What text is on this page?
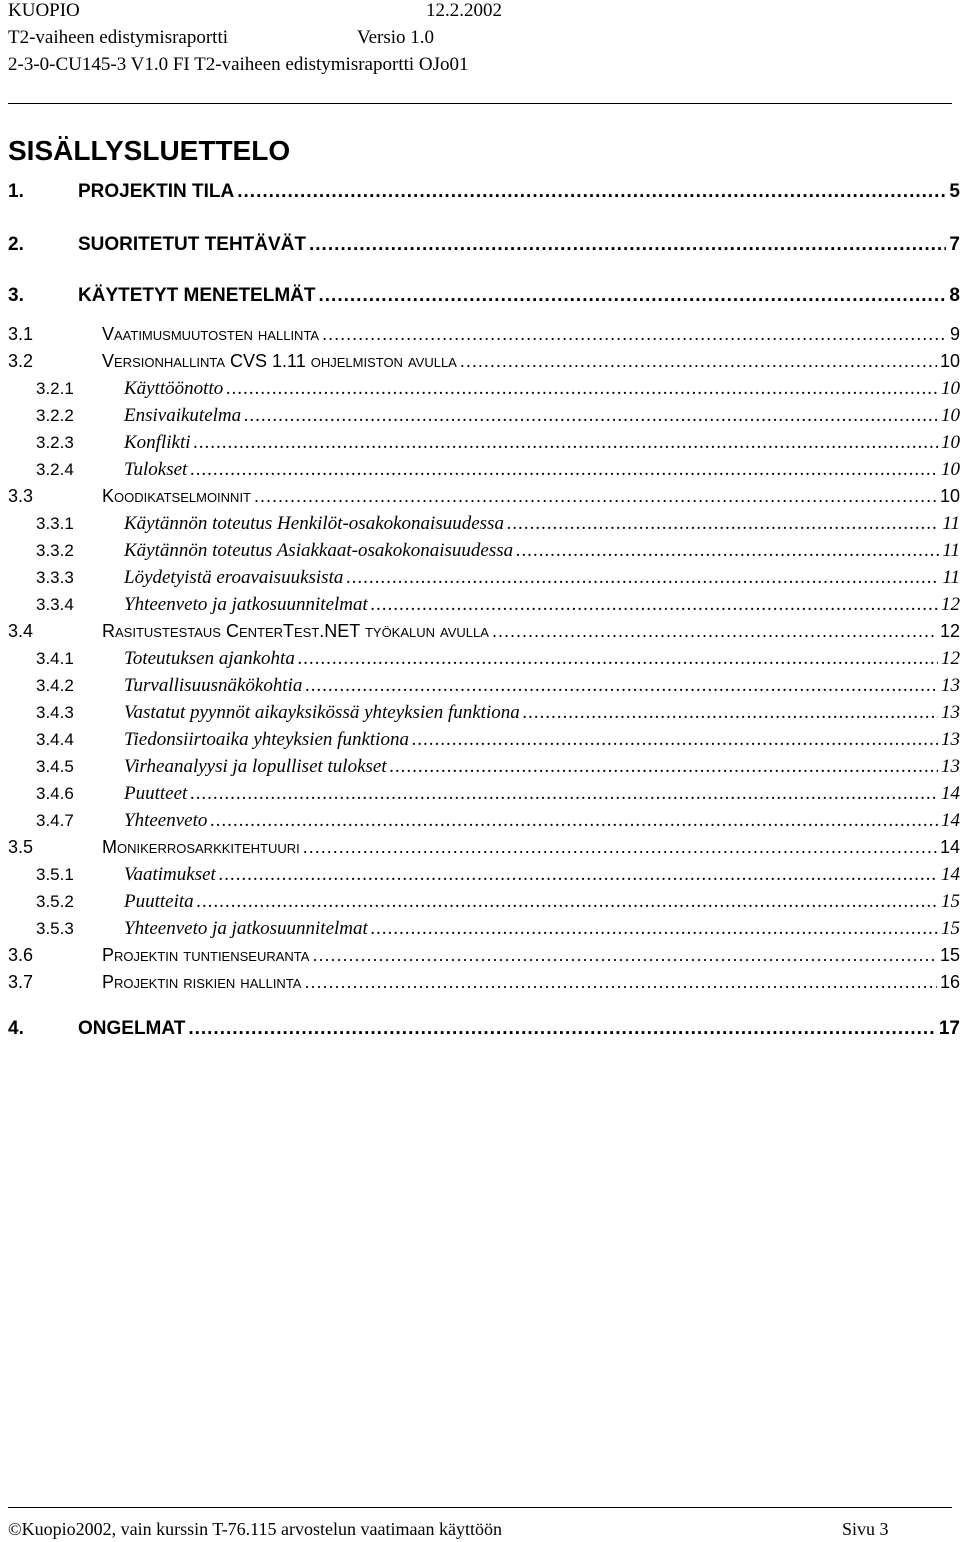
KUOPIO	12.2.2002
T2-vaiheen edistymisraportti	Versio 1.0
2-3-0-CU145-3 V1.0 FI T2-vaiheen edistymisraportti OJo01
SISÄLLYSLUETTELO
1.	PROJEKTIN TILA .....	5
2.	SUORITETUT TEHTÄVÄT .....	7
3.	KÄYTETYT MENETELMÄT .....	8
3.1	Vaatimusmuutosten hallinta .....	9
3.2	Versionhallinta CVS 1.11 ohjelmiston avulla .....	10
3.2.1	Käyttöönotto .....	10
3.2.2	Ensivaikutelma .....	10
3.2.3	Konflikti .....	10
3.2.4	Tulokset .....	10
3.3	Koodikatselmoinnit .....	10
3.3.1	Käytännön toteutus Henkilöt-osakokonaisuudessa .....	11
3.3.2	Käytännön toteutus Asiakkaat-osakokonaisuudessa .....	11
3.3.3	Löydetyistä eroavaisuuksista .....	11
3.3.4	Yhteenveto ja jatkosuunnitelmat .....	12
3.4	Rasitustestaus CenterTest.NET työkalun avulla .....	12
3.4.1	Toteutuksen ajankohta .....	12
3.4.2	Turvallisuusnäkökohtia .....	13
3.4.3	Vastatut pyynnöt aikayksikössä yhteyksien funktiona .....	13
3.4.4	Tiedonsiirtoaika yhteyksien funktiona .....	13
3.4.5	Virheanalyysi ja lopulliset tulokset .....	13
3.4.6	Puutteet .....	14
3.4.7	Yhteenveto .....	14
3.5	Monikerrosarkkitehtuuri .....	14
3.5.1	Vaatimukset .....	14
3.5.2	Puutteita .....	15
3.5.3	Yhteenveto ja jatkosuunnitelmat .....	15
3.6	Projektin tuntienseuranta .....	15
3.7	Projektin riskien hallinta .....	16
4.	ONGELMAT .....	17
©Kuopio2002, vain kurssin T-76.115 arvostelun vaatimaan käyttöön	Sivu 3
